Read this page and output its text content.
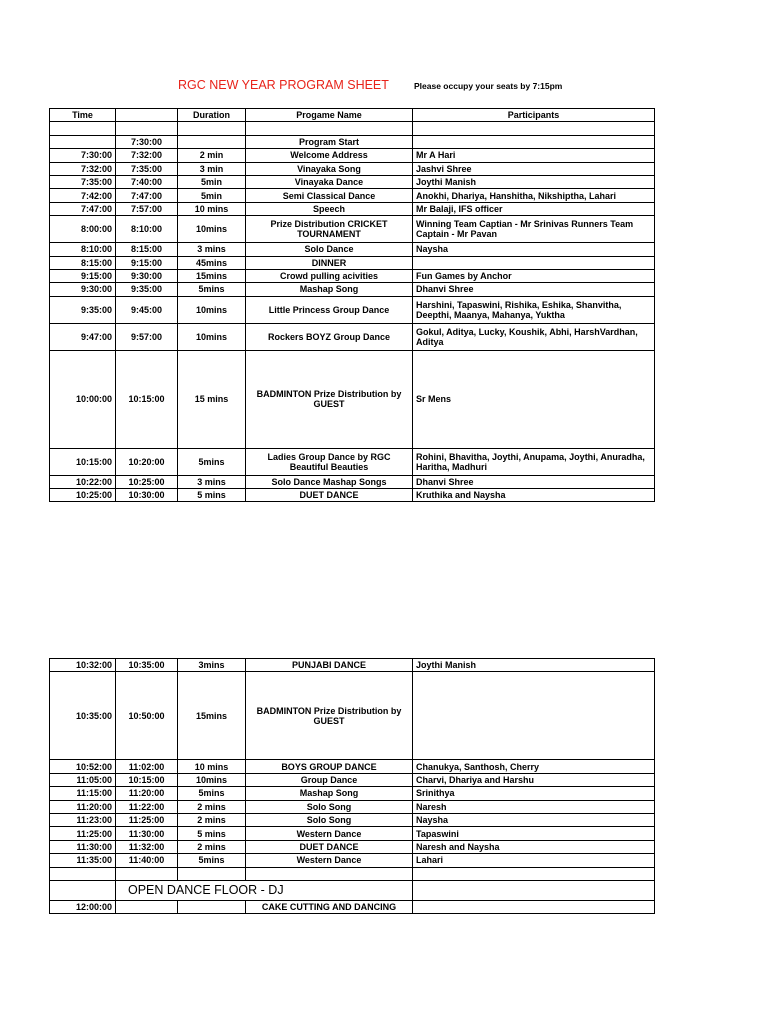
RGC NEW YEAR PROGRAM SHEET	Please occupy your seats by 7:15pm
Time		Duration	Progame Name	Participants

	7:30:00		Program Start	
7:30:00	7:32:00	2 min	Welcome Address	Mr A Hari
7:32:00	7:35:00	3 min	Vinayaka Song	Jashvi Shree
7:35:00	7:40:00	5min	Vinayaka Dance	Joythi Manish
7:42:00	7:47:00	5min	Semi Classical Dance	Anokhi, Dhariya, Hanshitha, Nikshiptha, Lahari
7:47:00	7:57:00	10 mins	Speech	Mr Balaji, IFS officer
8:00:00	8:10:00	10mins	Prize Distribution CRICKET TOURNAMENT	Winning Team Captian - Mr Srinivas Runners Team Captain - Mr Pavan
8:10:00	8:15:00	3 mins	Solo Dance	Naysha
8:15:00	9:15:00	45mins	DINNER	
9:15:00	9:30:00	15mins	Crowd pulling acivities	Fun Games by Anchor
9:30:00	9:35:00	5mins	Mashap Song	Dhanvi Shree
9:35:00	9:45:00	10mins	Little Princess Group Dance	Harshini, Tapaswini, Rishika, Eshika, Shanvitha, Deepthi, Maanya, Mahanya, Yuktha
9:47:00	9:57:00	10mins	Rockers BOYZ Group Dance	Gokul, Aditya, Lucky, Koushik, Abhi, HarshVardhan, Aditya
10:00:00	10:15:00	15 mins	BADMINTON Prize Distribution by GUEST	Sr Mens
10:15:00	10:20:00	5mins	Ladies Group Dance by RGC Beautiful Beauties	Rohini, Bhavitha, Joythi, Anupama, Joythi, Anuradha, Haritha, Madhuri
10:22:00	10:25:00	3 mins	Solo Dance Mashap Songs	Dhanvi Shree
10:25:00	10:30:00	5 mins	DUET DANCE	Kruthika and Naysha
10:32:00	10:35:00	3mins	PUNJABI DANCE	Joythi Manish
10:35:00	10:50:00	15mins	BADMINTON Prize Distribution by GUEST	
10:52:00	11:02:00	10 mins	BOYS GROUP DANCE	Chanukya, Santhosh, Cherry
11:05:00	10:15:00	10mins	Group Dance	Charvi, Dhariya and Harshu
11:15:00	11:20:00	5mins	Mashap Song	Srinithya
11:20:00	11:22:00	2 mins	Solo Song	Naresh
11:23:00	11:25:00	2 mins	Solo Song	Naysha
11:25:00	11:30:00	5 mins	Western Dance	Tapaswini
11:30:00	11:32:00	2 mins	DUET DANCE	Naresh and Naysha
11:35:00	11:40:00	5mins	Western Dance	Lahari

	OPEN DANCE FLOOR - DJ			
12:00:00			CAKE CUTTING AND DANCING	
